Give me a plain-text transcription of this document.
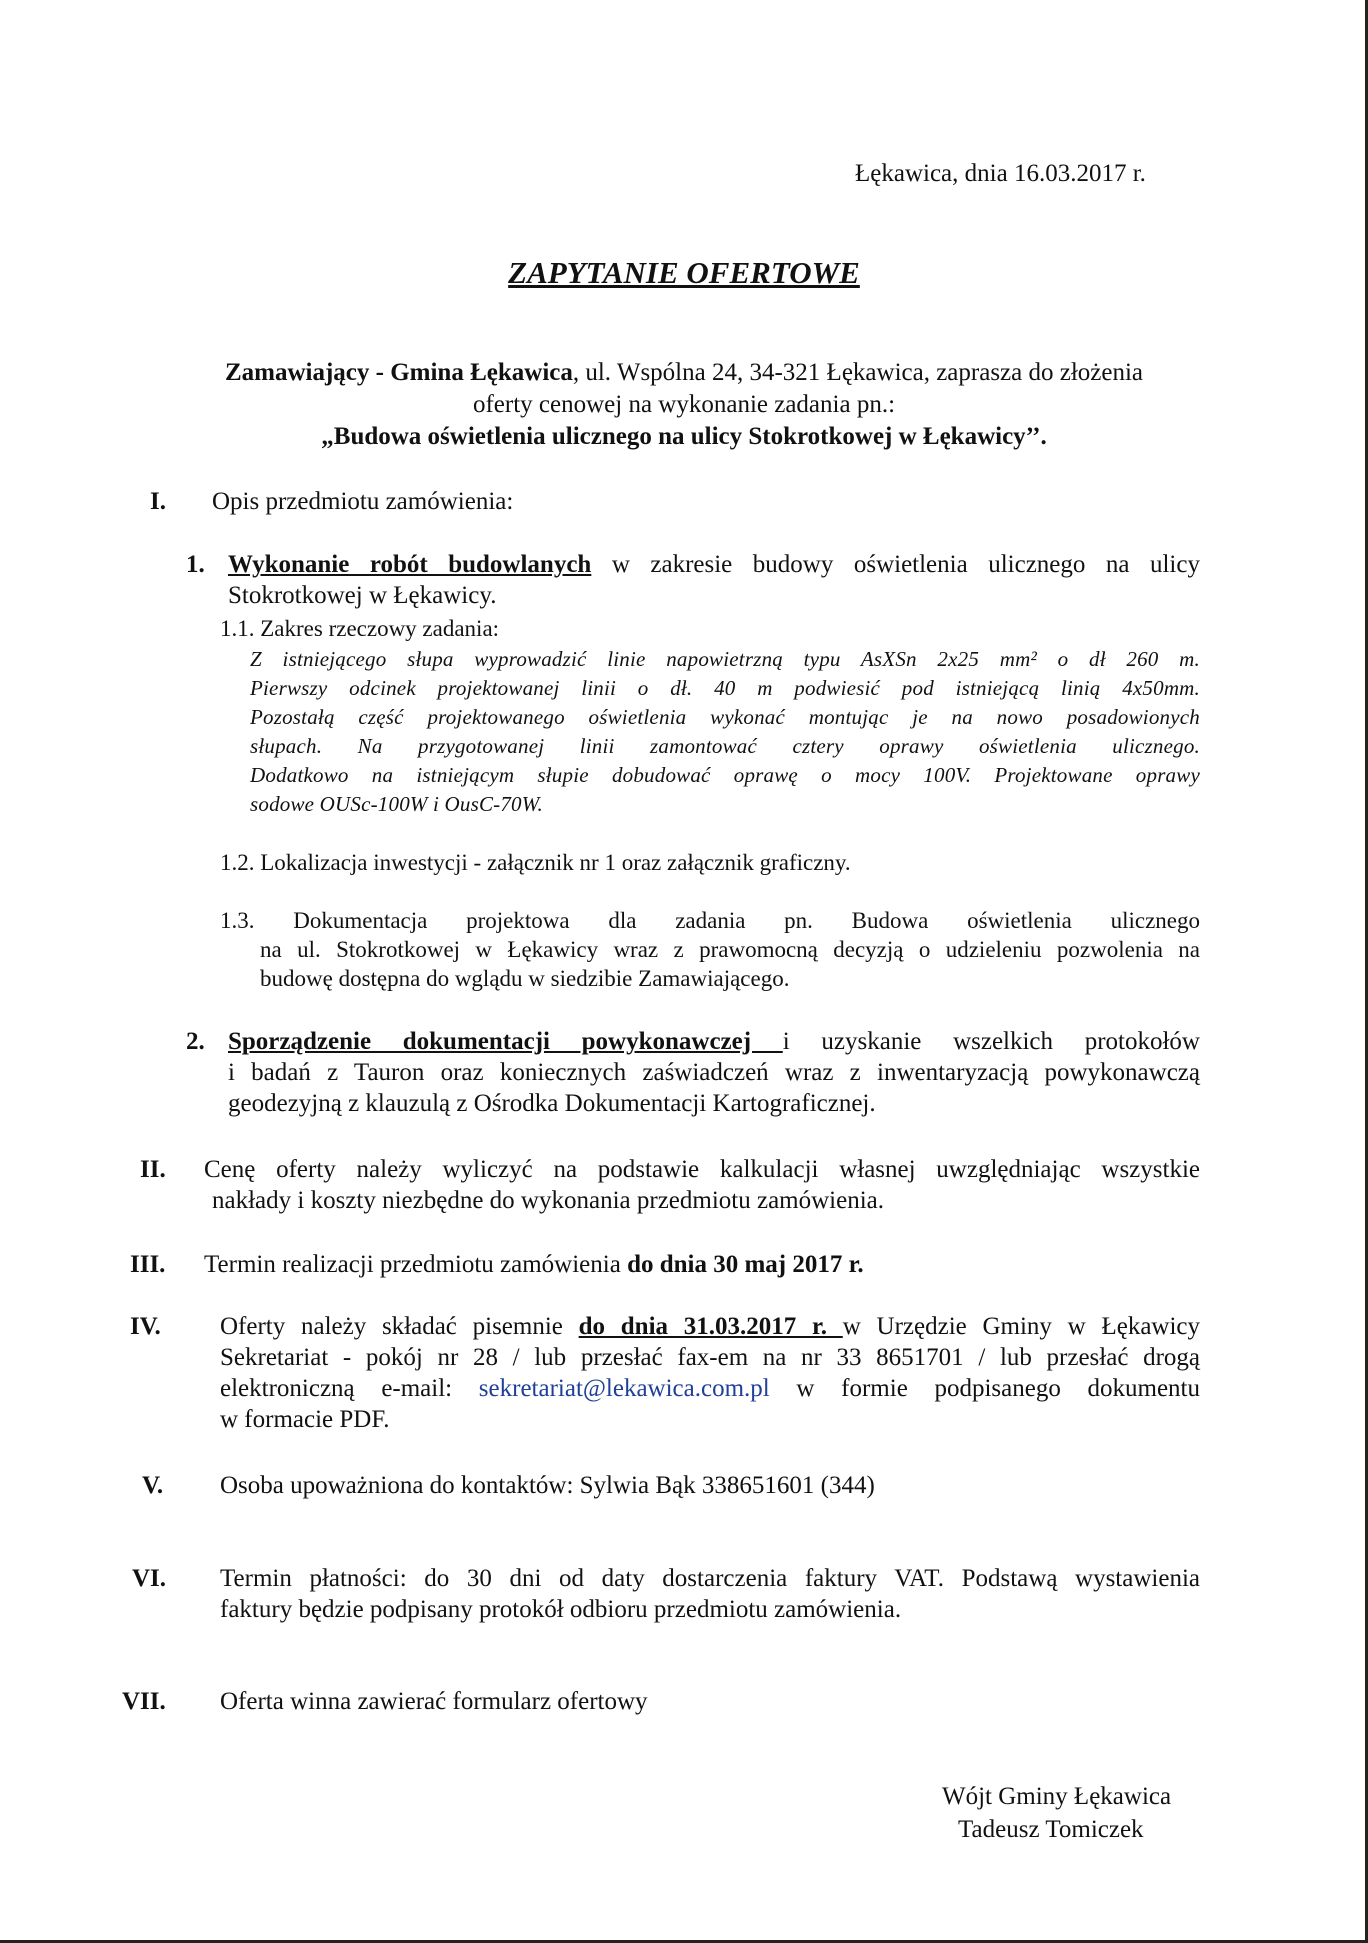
Łękawica, dnia 16.03.2017 r.
ZAPYTANIE OFERTOWE
Zamawiający - Gmina Łękawica, ul. Wspólna 24, 34-321 Łękawica, zaprasza do złożenia
oferty cenowej na wykonanie zadania pn.:
„Budowa oświetlenia ulicznego na ulicy Stokrotkowej w Łękawicy’’.
I. Opis przedmiotu zamówienia:
1. Wykonanie robót budowlanych w zakresie budowy oświetlenia ulicznego na ulicy
Stokrotkowej w Łękawicy.
1.1. Zakres rzeczowy zadania:
Z istniejącego słupa wyprowadzić linie napowietrzną typu AsXSn 2x25 mm² o dł 260 m.
Pierwszy odcinek projektowanej linii o dł. 40 m podwiesić pod istniejącą linią 4x50mm.
Pozostałą część projektowanego oświetlenia wykonać montując je na nowo posadowionych
słupach. Na przygotowanej linii zamontować cztery oprawy oświetlenia ulicznego.
Dodatkowo na istniejącym słupie dobudować oprawę o mocy 100V. Projektowane oprawy
sodowe OUSc-100W i OusC-70W.
1.2. Lokalizacja inwestycji - załącznik nr 1 oraz załącznik graficzny.
1.3. Dokumentacja projektowa dla zadania pn. Budowa oświetlenia ulicznego
na ul. Stokrotkowej w Łękawicy wraz z prawomocną decyzją o udzieleniu pozwolenia na
budowę dostępna do wglądu w siedzibie Zamawiającego.
2. Sporządzenie dokumentacji powykonawczej i uzyskanie wszelkich protokołów
i badań z Tauron oraz koniecznych zaświadczeń wraz z inwentaryzacją powykonawczą
geodezyjną z klauzulą z Ośrodka Dokumentacji Kartograficznej.
II. Cenę oferty należy wyliczyć na podstawie kalkulacji własnej uwzględniając wszystkie
nakłady i koszty niezbędne do wykonania przedmiotu zamówienia.
III. Termin realizacji przedmiotu zamówienia do dnia 30 maj 2017 r.
IV. Oferty należy składać pisemnie do dnia 31.03.2017 r. w Urzędzie Gminy w Łękawicy
Sekretariat - pokój nr 28 / lub przesłać fax-em na nr 33 8651701 / lub przesłać drogą
elektroniczną e-mail: sekretariat@lekawica.com.pl w formie podpisanego dokumentu
w formacie PDF.
V. Osoba upoważniona do kontaktów: Sylwia Bąk 338651601 (344)
VI. Termin płatności: do 30 dni od daty dostarczenia faktury VAT. Podstawą wystawienia
faktury będzie podpisany protokół odbioru przedmiotu zamówienia.
VII. Oferta winna zawierać formularz ofertowy
Wójt Gminy Łękawica
Tadeusz Tomiczek
